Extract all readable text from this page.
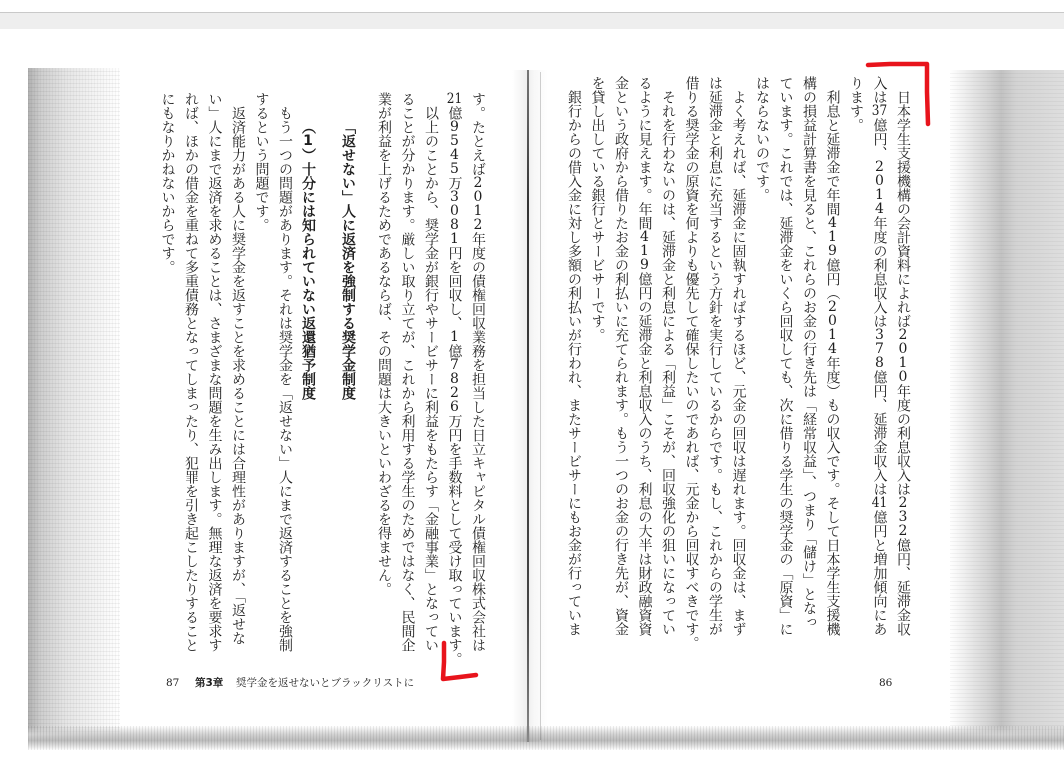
日本学生支援機構の会計資料によれば2010年度の利息収入は232億円、延滞金収
入は37億円、2014年度の利息収入は378億円、延滞金収入は41億円と増加傾向にあ
ります。
利息と延滞金で年間419億円（2014年度）もの収入です。そして日本学生支援機
構の損益計算書を見ると、これらのお金の行き先は「経常収益」、つまり「儲け」となっ
ています。これでは、延滞金をいくら回収しても、次に借りる学生の奨学金の「原資」に
はならないのです。
よく考えれば、延滞金に固執すればするほど、元金の回収は遅れます。回収金は、まず
は延滞金と利息に充当するという方針を実行しているからです。もし、これからの学生が
借りる奨学金の原資を何よりも優先して確保したいのであれば、元金から回収すべきです。
それを行わないのは、延滞金と利息による「利益」こそが、回収強化の狙いになってい
るように見えます。年間419億円の延滞金と利息収入のうち、利息の大半は財政融資資
金という政府から借りたお金の利払いに充てられます。もう一つのお金の行き先が、資金
を貸し出している銀行とサービサーです。
銀行からの借入金に対し多額の利払いが行われ、またサービサーにもお金が行っていま
86
す。たとえば2012年度の債権回収業務を担当した日立キャピタル債権回収株式会社は
21億9545万3081円を回収し、1億7826万円を手数料として受け取っています。
以上のことから、奨学金が銀行やサービサーに利益をもたらす「金融事業」となってい
ることが分かります。厳しい取り立てが、これから利用する学生のためではなく、民間企
業が利益を上げるためであるならば、その問題は大きいといわざるを得ません。
「返せない」人に返済を強制する奨学金制度
（1）十分には知られていない返還猶予制度
もう一つの問題があります。それは奨学金を「返せない」人にまで返済することを強制
するという問題です。
返済能力がある人に奨学金を返すことを求めることには合理性がありますが、「返せな
い」人にまで返済を求めることは、さまざまな問題を生み出します。無理な返済を要求す
れば、ほかの借金を重ねて多重債務となってしまったり、犯罪を引き起こしたりすること
にもなりかねないからです。
87 第3章 奨学金を返せないとブラックリストに
